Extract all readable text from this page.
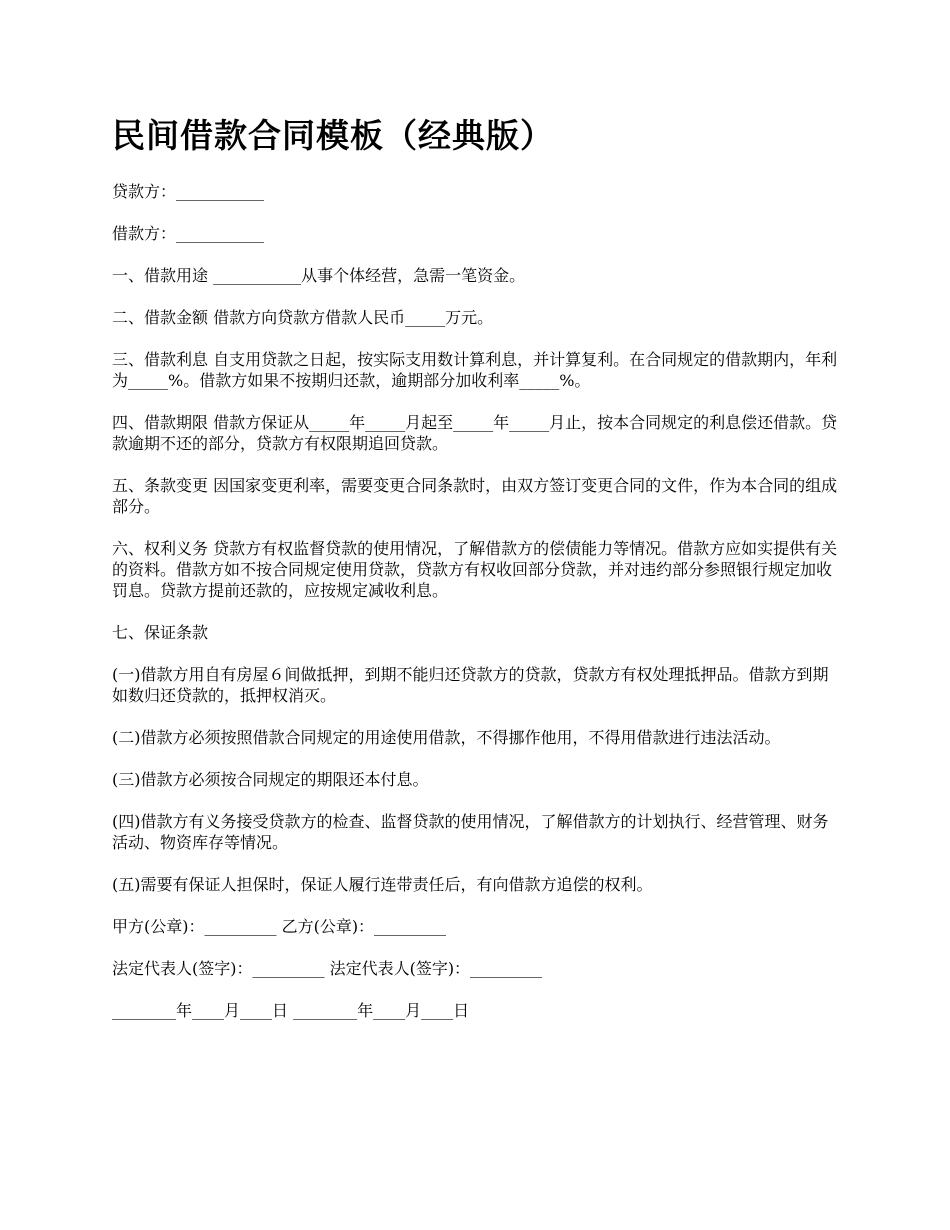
民间借款合同模板（经典版）

贷款方：___________

借款方：___________

一、借款用途 ___________从事个体经营，急需一笔资金。

二、借款金额 借款方向贷款方借款人民币_____万元。

三、借款利息 自支用贷款之日起，按实际支用数计算利息，并计算复利。在合同规定的借款期内，年利为_____%。借款方如果不按期归还款，逾期部分加收利率_____%。

四、借款期限 借款方保证从_____年_____月起至_____年_____月止，按本合同规定的利息偿还借款。贷款逾期不还的部分，贷款方有权限期追回贷款。

五、条款变更 因国家变更利率，需要变更合同条款时，由双方签订变更合同的文件，作为本合同的组成部分。

六、权利义务 贷款方有权监督贷款的使用情况，了解借款方的偿债能力等情况。借款方应如实提供有关的资料。借款方如不按合同规定使用贷款，贷款方有权收回部分贷款，并对违约部分参照银行规定加收罚息。贷款方提前还款的，应按规定减收利息。

七、保证条款

(一)借款方用自有房屋６间做抵押，到期不能归还贷款方的贷款，贷款方有权处理抵押品。借款方到期如数归还贷款的，抵押权消灭。

(二)借款方必须按照借款合同规定的用途使用借款，不得挪作他用，不得用借款进行违法活动。

(三)借款方必须按合同规定的期限还本付息。

(四)借款方有义务接受贷款方的检查、监督贷款的使用情况，了解借款方的计划执行、经营管理、财务活动、物资库存等情况。

(五)需要有保证人担保时，保证人履行连带责任后，有向借款方追偿的权利。

甲方(公章)：_________ 乙方(公章)：_________

法定代表人(签字)：_________ 法定代表人(签字)：_________

________年____月____日 ________年____月____日
